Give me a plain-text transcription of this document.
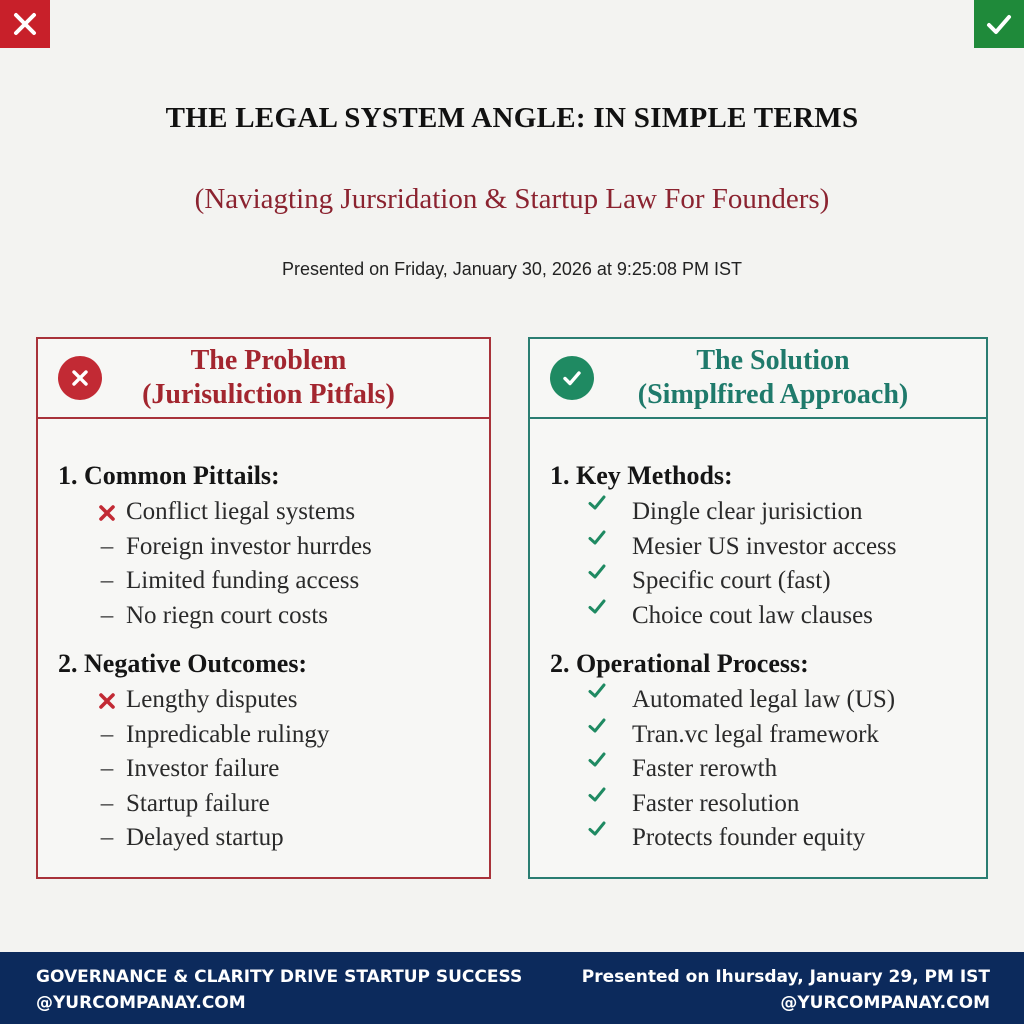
THE LEGAL SYSTEM ANGLE: IN SIMPLE TERMS
(Naviagting Jursridation & Startup Law For Founders)
Presented on Friday, January 30, 2026 at 9:25:08 PM IST
The Problem
(Jurisuliction Pitfals)
1. Common Pittails:
Conflict liegal systems
– Foreign investor hurrdes
– Limited funding access
– No riegn court costs
2. Negative Outcomes:
Lengthy disputes
– Inpredicable rulingy
– Investor failure
– Startup failure
– Delayed startup
The Solution
(Simplfired Approach)
1. Key Methods:
Dingle clear jurisiction
Mesier US investor access
Specific court (fast)
Choice cout law clauses
2. Operational Process:
Automated legal law (US)
Tran.vc legal framework
Faster rerowth
Faster resolution
Protects founder equity
GOVERNANCE & CLARITY DRIVE STARTUP SUCCESS
@YURCOMPANAY.COM
Presented on Ihursday, January 29, PM IST
@YURCOMPANAY.COM
